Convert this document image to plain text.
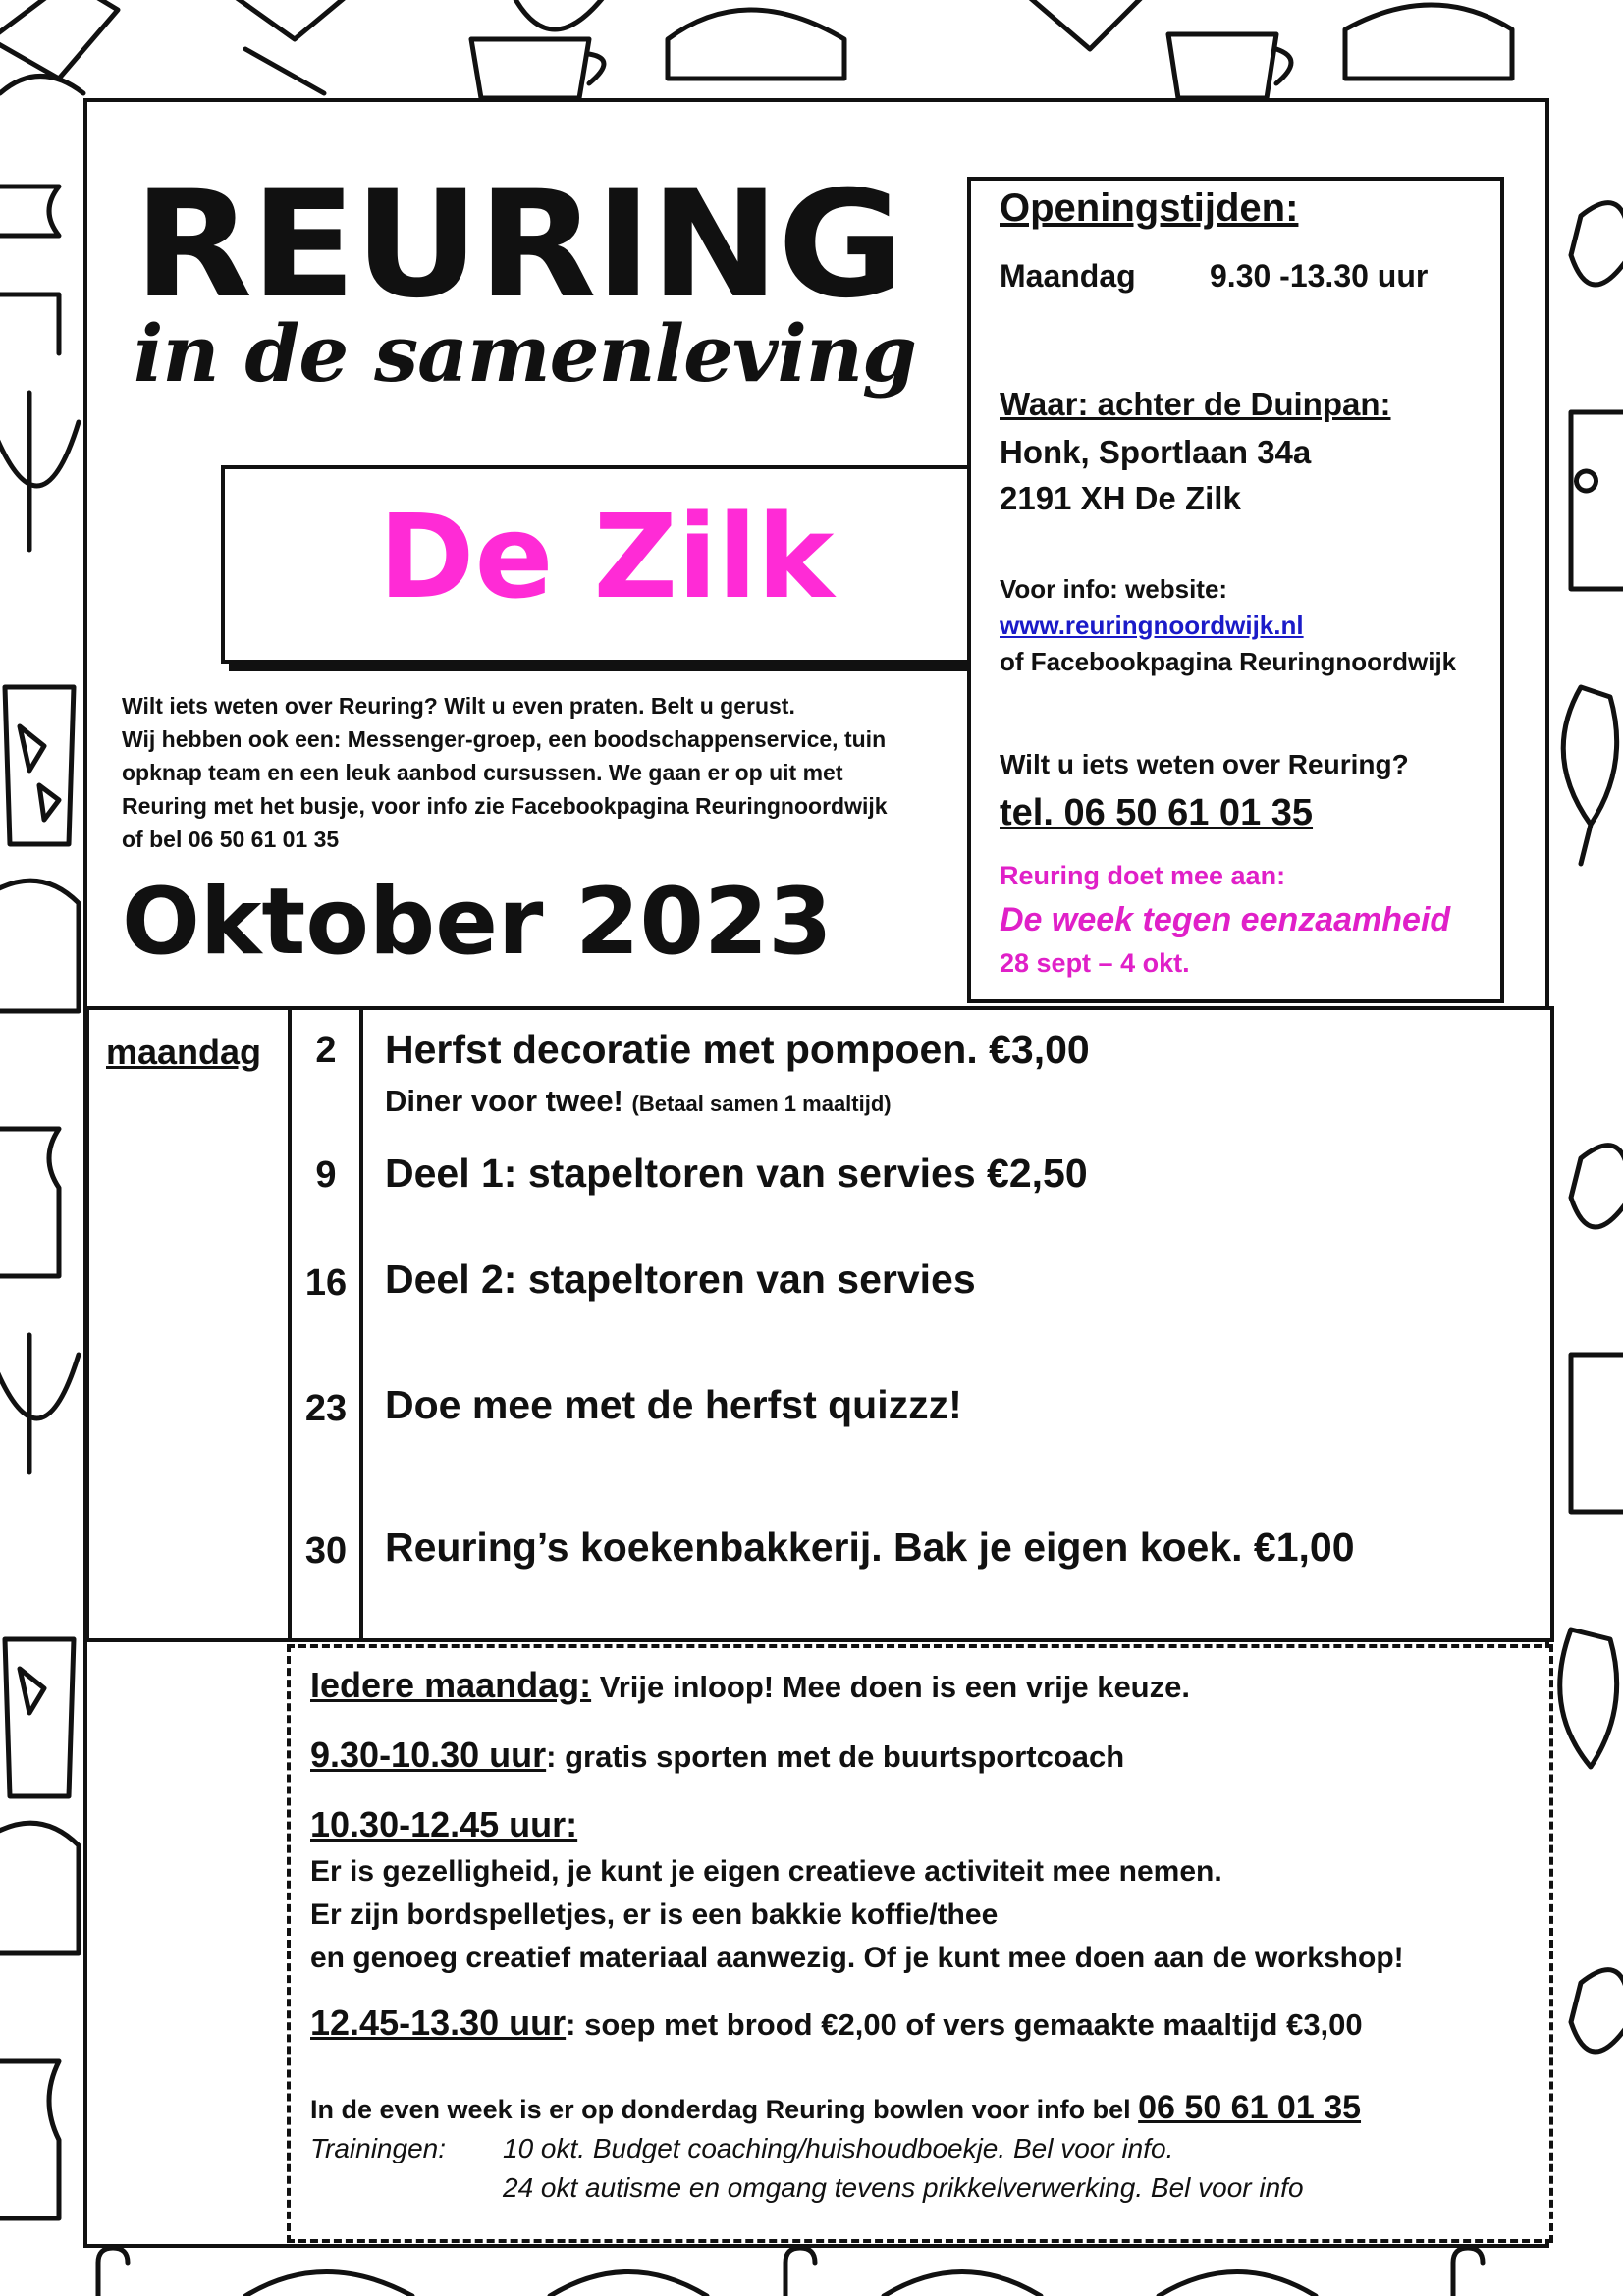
REURING
in de samenleving
De Zilk
Wilt iets weten over Reuring? Wilt u even praten. Belt u gerust.
Wij hebben ook een: Messenger-groep, een boodschappenservice, tuin
opknap team en een leuk aanbod cursussen. We gaan er op uit met
Reuring met het busje, voor info zie Facebookpagina Reuringnoordwijk
of bel 06 50 61 01 35
Oktober 2023
Openingstijden:
Maandag 9.30 -13.30 uur
Waar: achter de Duinpan:
Honk, Sportlaan 34a
2191 XH De Zilk
Voor info: website:
www.reuringnoordwijk.nl
of Facebookpagina Reuringnoordwijk
Wilt u iets weten over Reuring?
tel. 06 50 61 01 35
Reuring doet mee aan:
De week tegen eenzaamheid
28 sept – 4 okt.
maandag	2	Herfst decoratie met pompoen. €3,00
Diner voor twee! (Betaal samen 1 maaltijd)
9	Deel 1: stapeltoren van servies €2,50
16 Deel 2: stapeltoren van servies
23 Doe mee met de herfst quizzz!
30 Reuring’s koekenbakkerij. Bak je eigen koek. €1,00
Iedere maandag: Vrije inloop! Mee doen is een vrije keuze.
9.30-10.30 uur: gratis sporten met de buurtsportcoach
10.30-12.45 uur:
Er is gezelligheid, je kunt je eigen creatieve activiteit mee nemen.
Er zijn bordspelletjes, er is een bakkie koffie/thee
en genoeg creatief materiaal aanwezig. Of je kunt mee doen aan de workshop!
12.45-13.30 uur: soep met brood €2,00 of vers gemaakte maaltijd €3,00
In de even week is er op donderdag Reuring bowlen voor info bel 06 50 61 01 35
Trainingen: 10 okt. Budget coaching/huishoudboekje. Bel voor info.
24 okt autisme en omgang tevens prikkelverwerking. Bel voor info
